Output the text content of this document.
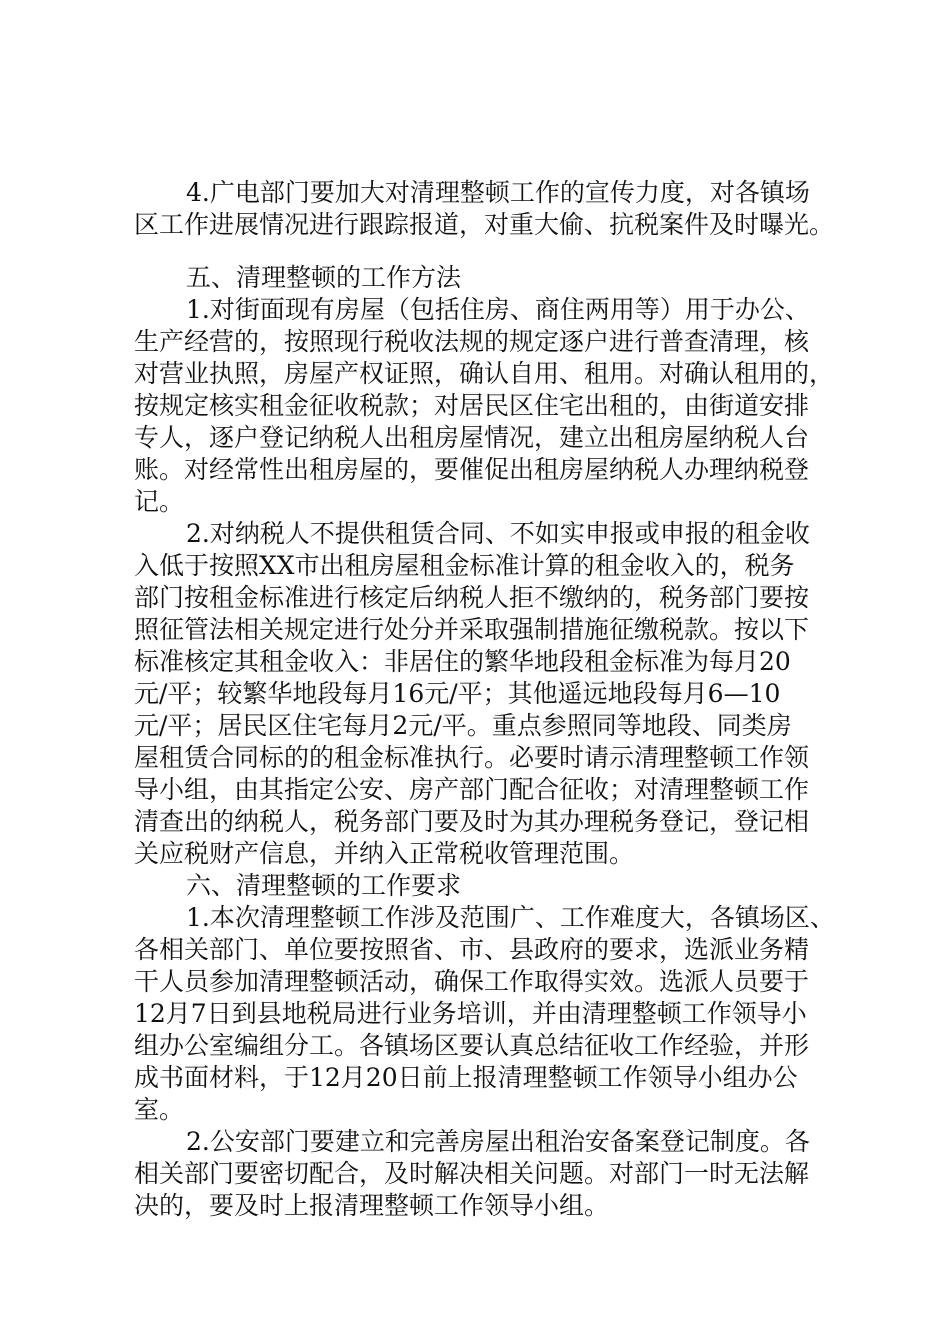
4.广电部门要加大对清理整顿工作的宣传力度，对各镇场
区工作进展情况进行跟踪报道，对重大偷、抗税案件及时曝光。
五、清理整顿的工作方法
1.对街面现有房屋（包括住房、商住两用等）用于办公、
生产经营的，按照现行税收法规的规定逐户进行普查清理，核
对营业执照，房屋产权证照，确认自用、租用。对确认租用的，
按规定核实租金征收税款；对居民区住宅出租的，由街道安排
专人，逐户登记纳税人出租房屋情况，建立出租房屋纳税人台
账。对经常性出租房屋的，要催促出租房屋纳税人办理纳税登
记。
2.对纳税人不提供租赁合同、不如实申报或申报的租金收
入低于按照XX市出租房屋租金标准计算的租金收入的，税务
部门按租金标准进行核定后纳税人拒不缴纳的，税务部门要按
照征管法相关规定进行处分并采取强制措施征缴税款。按以下
标准核定其租金收入：非居住的繁华地段租金标准为每月20
元/平；较繁华地段每月16元/平；其他遥远地段每月6—10
元/平；居民区住宅每月2元/平。重点参照同等地段、同类房
屋租赁合同标的的租金标准执行。必要时请示清理整顿工作领
导小组，由其指定公安、房产部门配合征收；对清理整顿工作
清查出的纳税人，税务部门要及时为其办理税务登记，登记相
关应税财产信息，并纳入正常税收管理范围。
六、清理整顿的工作要求
1.本次清理整顿工作涉及范围广、工作难度大，各镇场区、
各相关部门、单位要按照省、市、县政府的要求，选派业务精
干人员参加清理整顿活动，确保工作取得实效。选派人员要于
12月7日到县地税局进行业务培训，并由清理整顿工作领导小
组办公室编组分工。各镇场区要认真总结征收工作经验，并形
成书面材料，于12月20日前上报清理整顿工作领导小组办公
室。
2.公安部门要建立和完善房屋出租治安备案登记制度。各
相关部门要密切配合，及时解决相关问题。对部门一时无法解
决的，要及时上报清理整顿工作领导小组。
